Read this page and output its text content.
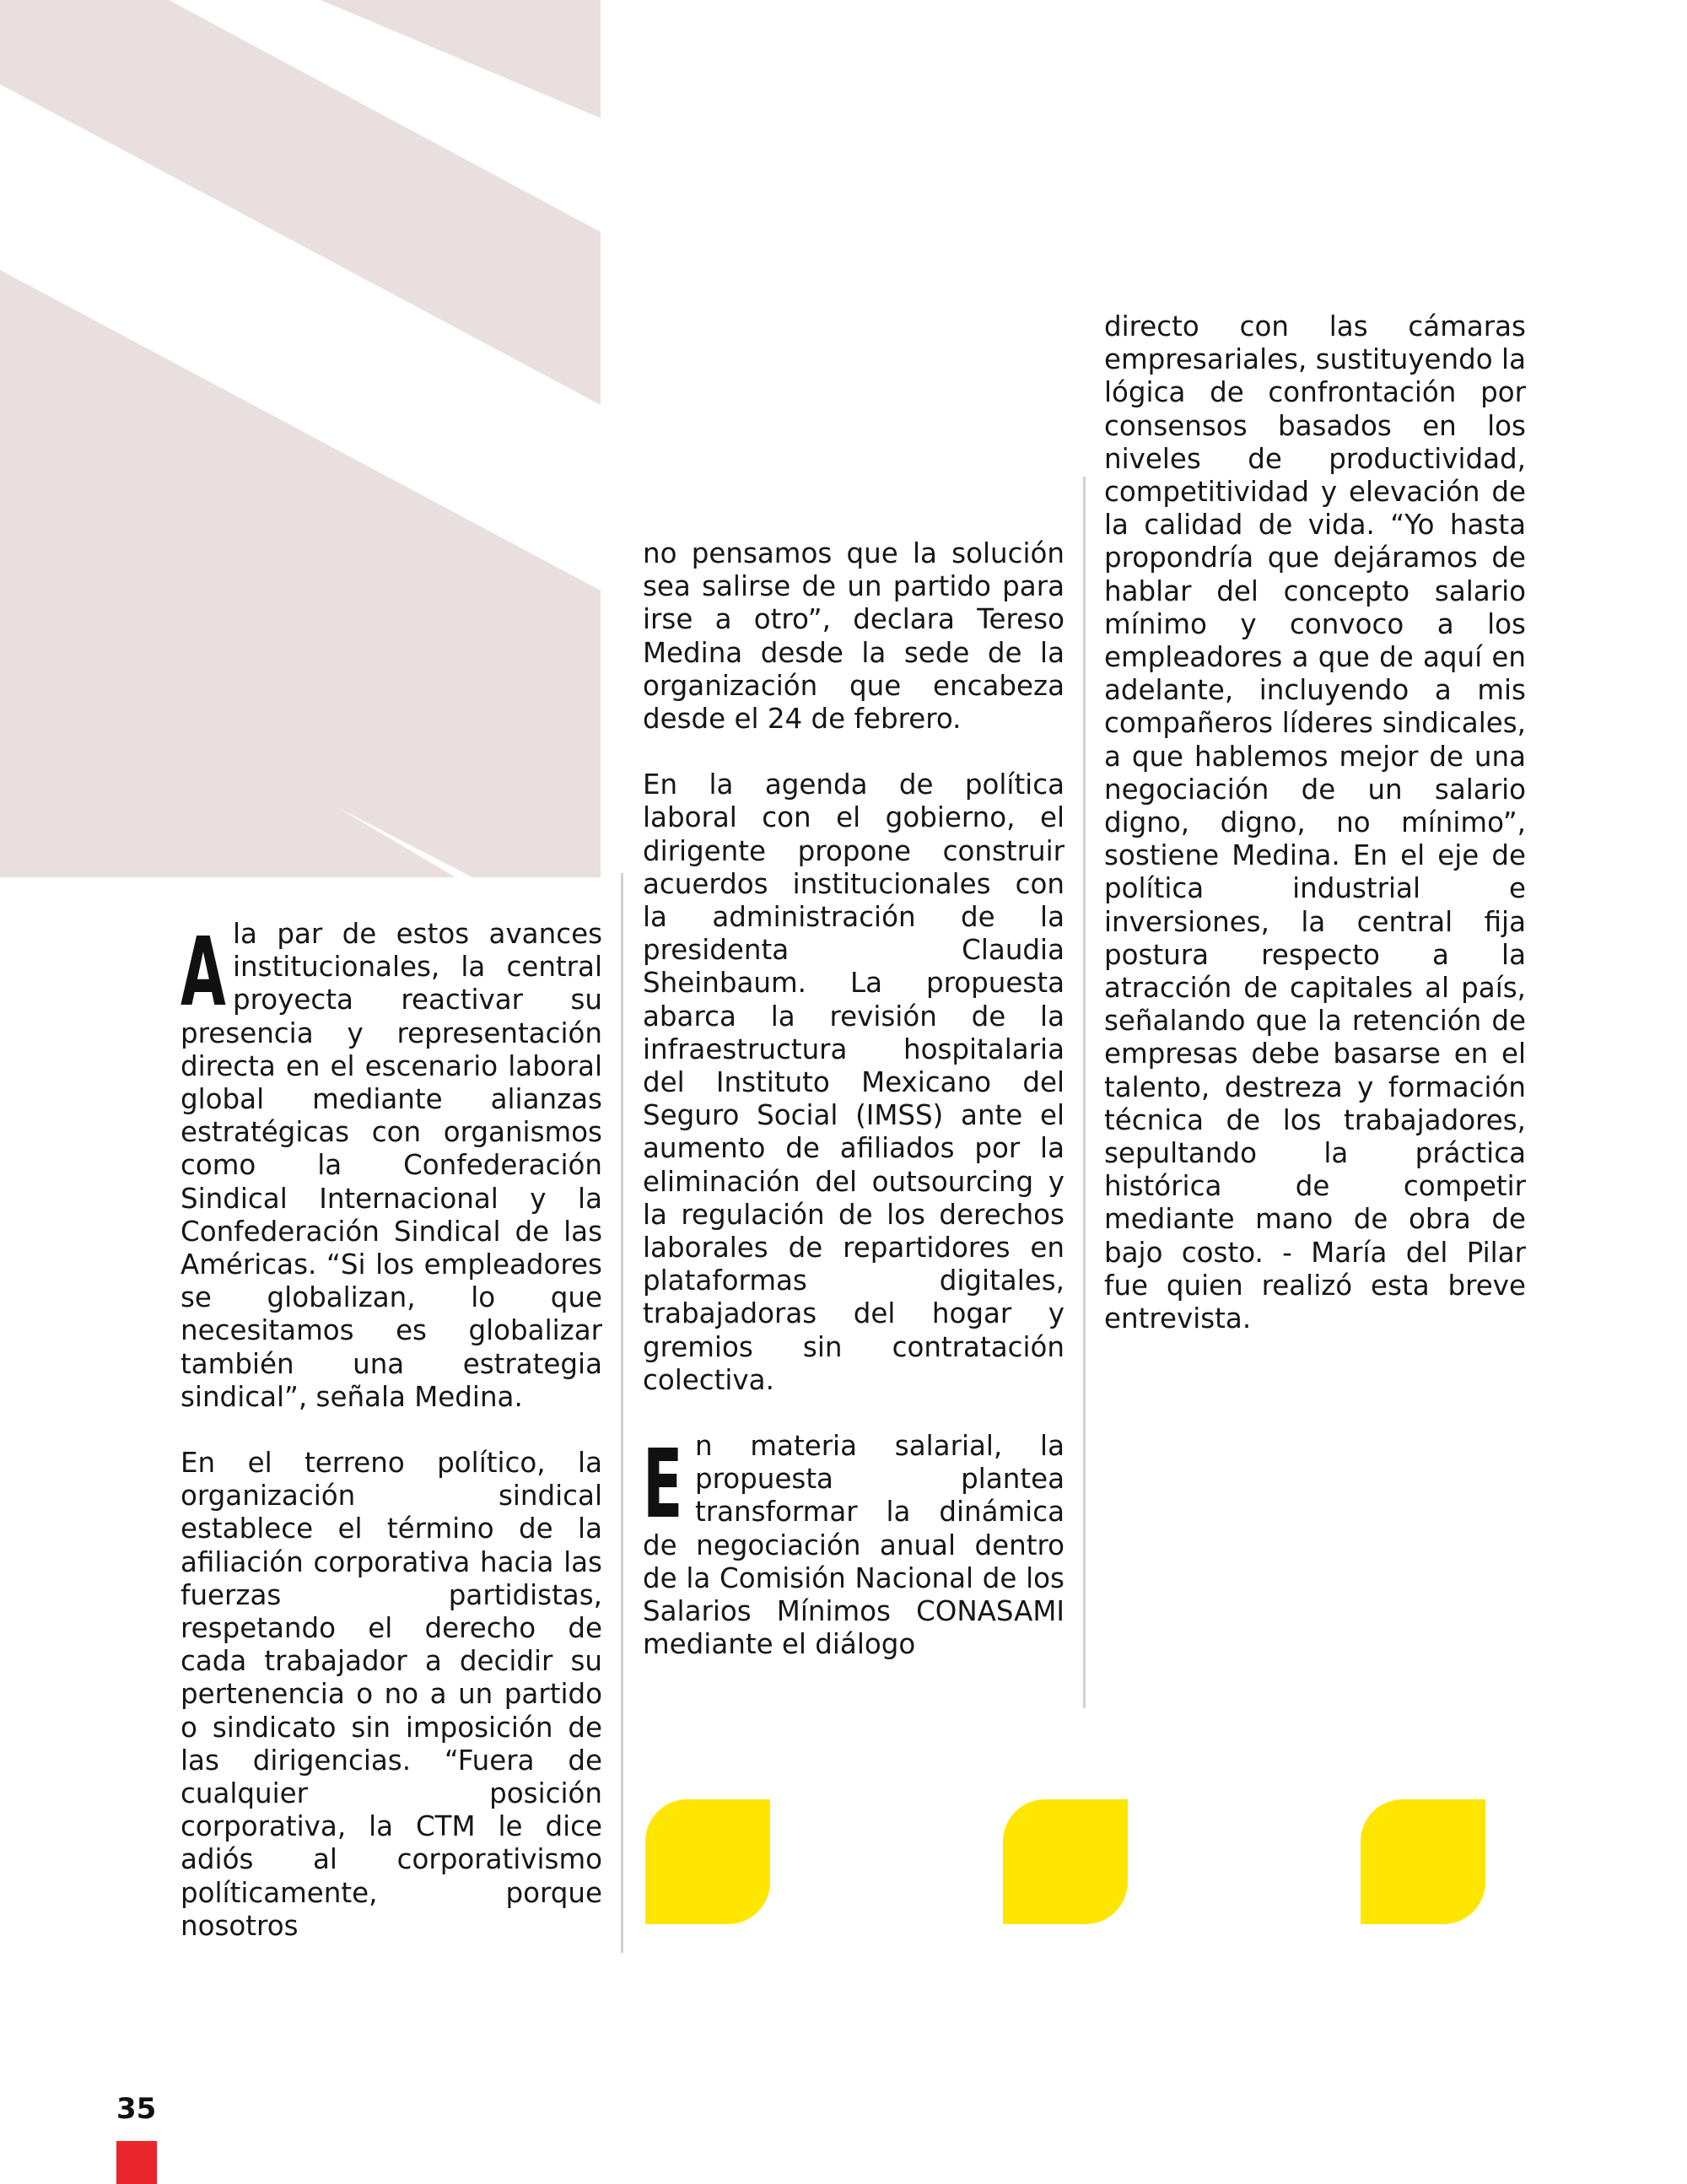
Ala par de estos avances institucionales, la central proyecta reactivar su presencia y representación directa en el escenario laboral global mediante alianzas estratégicas con organismos como la Confederación Sindical Internacional y la Confederación Sindical de las Américas. “Si los empleadores se globalizan, lo que necesitamos es globalizar también una estrategia sindical”, señala Medina.

En el terreno político, la organización sindical establece el término de la afiliación corporativa hacia las fuerzas partidistas, respetando el derecho de cada trabajador a decidir su pertenencia o no a un partido o sindicato sin imposición de las dirigencias. “Fuera de cualquier posición corporativa, la CTM le dice adiós al corporativismo políticamente, porque nosotros

no pensamos que la solución sea salirse de un partido para irse a otro”, declara Tereso Medina desde la sede de la organización que encabeza desde el 24 de febrero.

En la agenda de política laboral con el gobierno, el dirigente propone construir acuerdos institucionales con la administración de la presidenta Claudia Sheinbaum. La propuesta abarca la revisión de la infraestructura hospitalaria del Instituto Mexicano del Seguro Social (IMSS) ante el aumento de afiliados por la eliminación del outsourcing y la regulación de los derechos laborales de repartidores en plataformas digitales, trabajadoras del hogar y gremios sin contratación colectiva.

En materia salarial, la propuesta plantea transformar la dinámica de negociación anual dentro de la Comisión Nacional de los Salarios Mínimos CONASAMI mediante el diálogo

directo con las cámaras empresariales, sustituyendo la lógica de confrontación por consensos basados en los niveles de productividad, competitividad y elevación de la calidad de vida. “Yo hasta propondría que dejáramos de hablar del concepto salario mínimo y convoco a los empleadores a que de aquí en adelante, incluyendo a mis compañeros líderes sindicales, a que hablemos mejor de una negociación de un salario digno, digno, no mínimo”, sostiene Medina. En el eje de política industrial e inversiones, la central fija postura respecto a la atracción de capitales al país, señalando que la retención de empresas debe basarse en el talento, destreza y formación técnica de los trabajadores, sepultando la práctica histórica de competir mediante mano de obra de bajo costo. - María del Pilar fue quien realizó esta breve entrevista.

35
